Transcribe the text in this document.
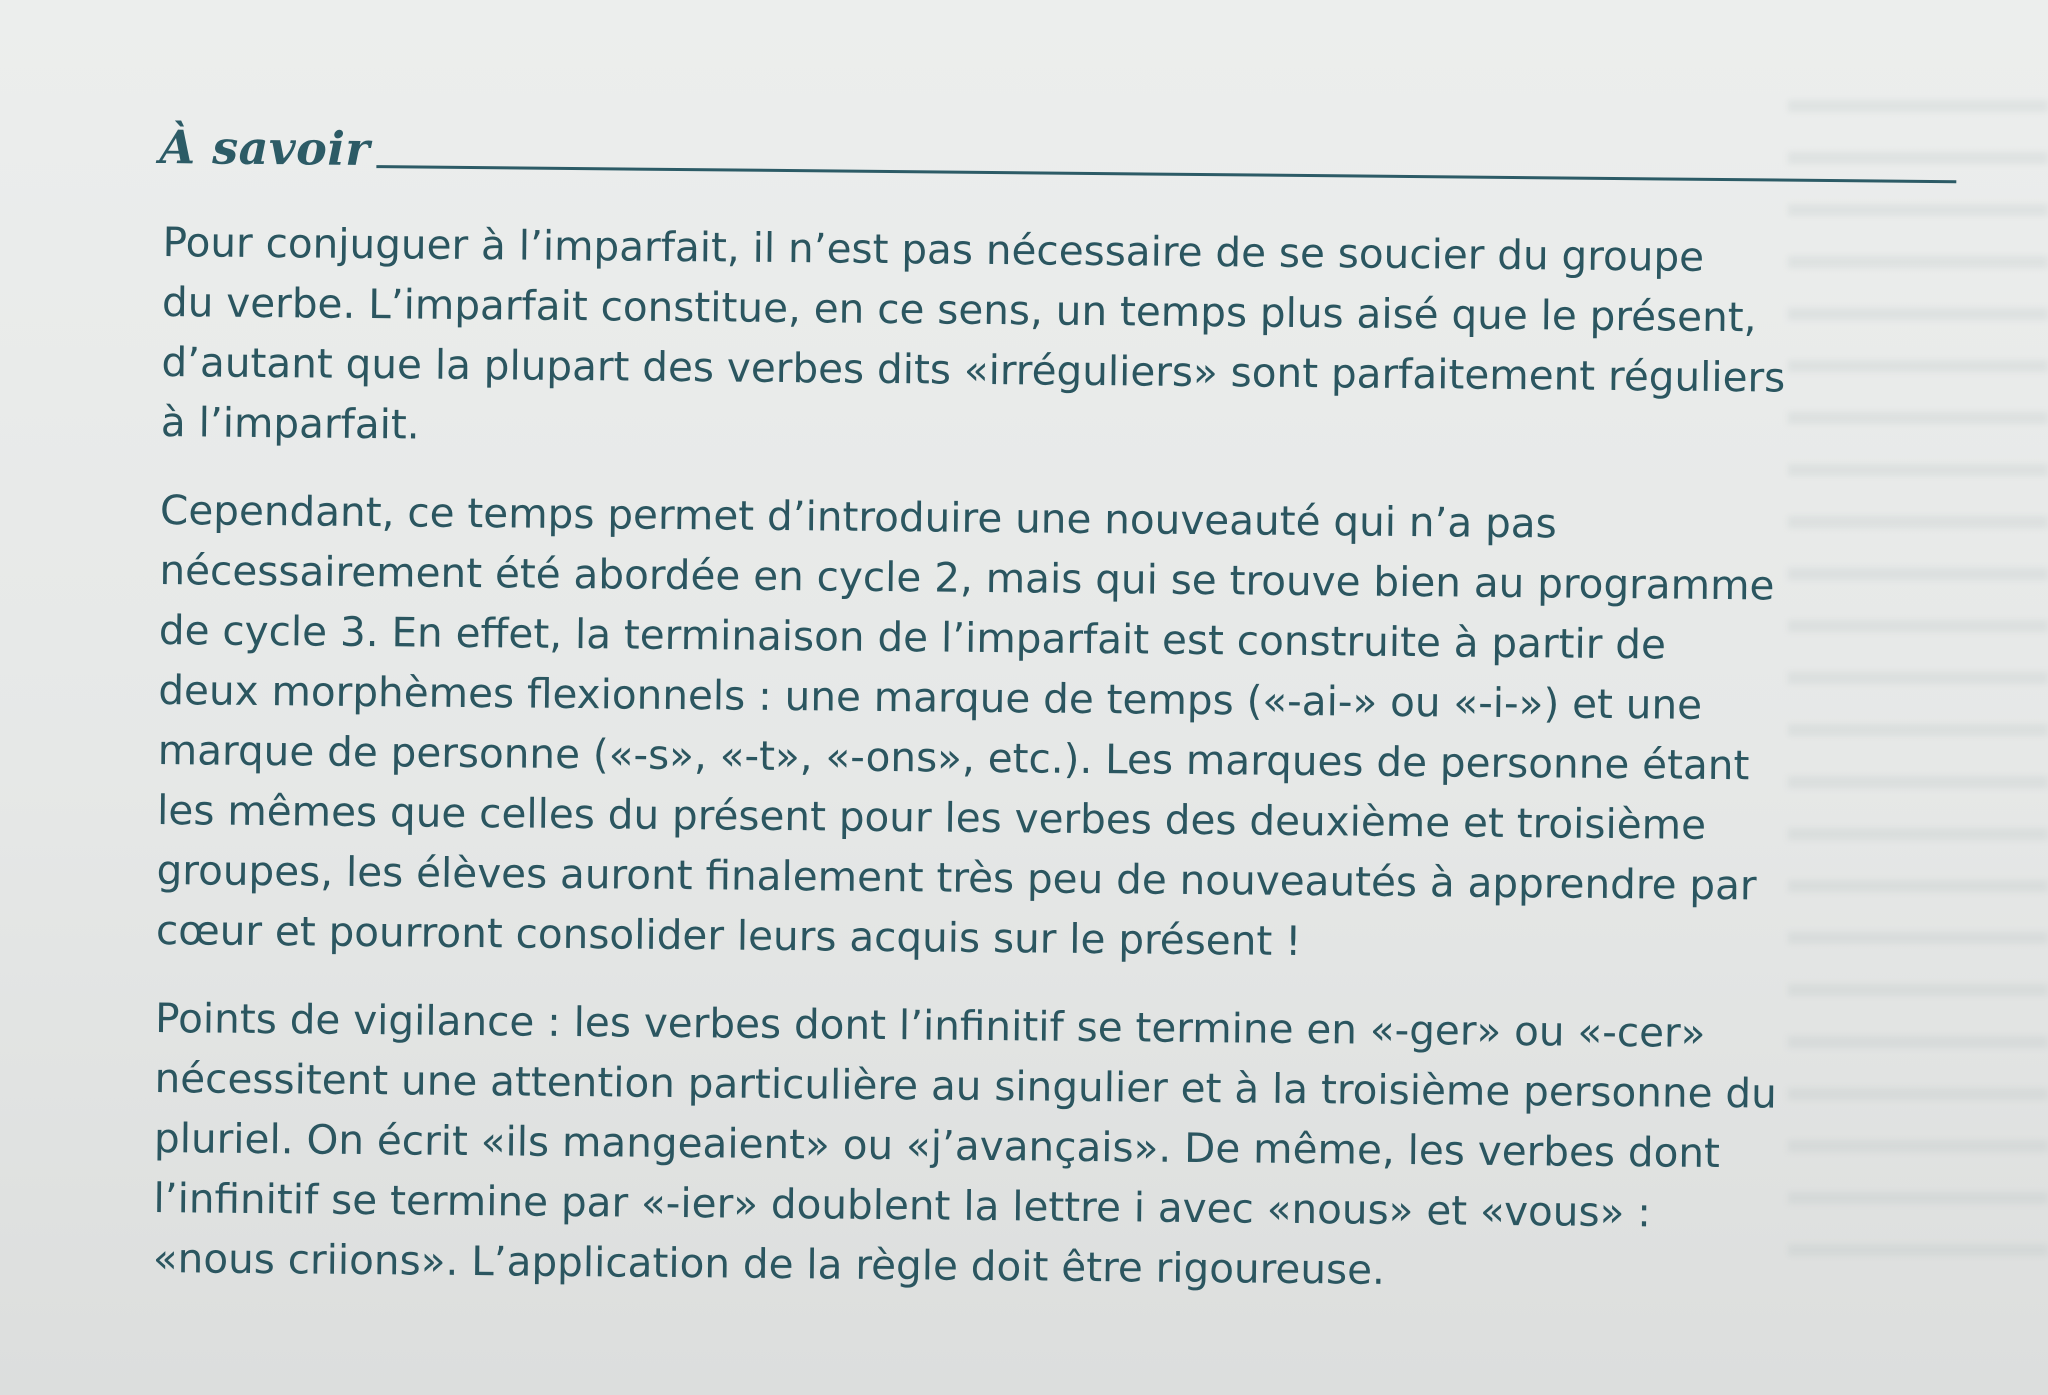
À savoir

Pour conjuguer à l’imparfait, il n’est pas nécessaire de se soucier du groupe
du verbe. L’imparfait constitue, en ce sens, un temps plus aisé que le présent,
d’autant que la plupart des verbes dits «irréguliers» sont parfaitement réguliers
à l’imparfait.

Cependant, ce temps permet d’introduire une nouveauté qui n’a pas
nécessairement été abordée en cycle 2, mais qui se trouve bien au programme
de cycle 3. En effet, la terminaison de l’imparfait est construite à partir de
deux morphèmes flexionnels : une marque de temps («-ai-» ou «-i-») et une
marque de personne («-s», «-t», «-ons», etc.). Les marques de personne étant
les mêmes que celles du présent pour les verbes des deuxième et troisième
groupes, les élèves auront finalement très peu de nouveautés à apprendre par
cœur et pourront consolider leurs acquis sur le présent !

Points de vigilance : les verbes dont l’infinitif se termine en «-ger» ou «-cer»
nécessitent une attention particulière au singulier et à la troisième personne du
pluriel. On écrit «ils mangeaient» ou «j’avançais». De même, les verbes dont
l’infinitif se termine par «-ier» doublent la lettre i avec «nous» et «vous» :
«nous criions». L’application de la règle doit être rigoureuse.
